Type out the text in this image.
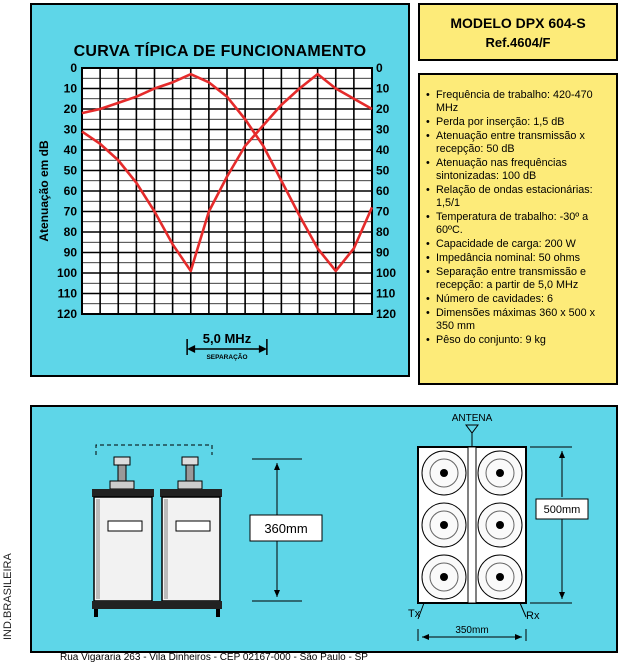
CURVA TÍPICA DE FUNCIONAMENTO
0	0
10	10
20	20
30	30
40	40
50	50
60	60
70	70
80	80
90	90
100	100
110	110
120	120
Atenuação em dB
5,0 MHz
SEPARAÇÃO
MODELO DPX 604-S
Ref.4604/F
• Frequência de trabalho: 420-470 MHz
• Perda por inserção: 1,5 dB
• Atenuação entre transmissão x recepção: 50 dB
• Atenuação nas frequências sintonizadas: 100 dB
• Relação de ondas estacionárias: 1,5/1
• Temperatura de trabalho: -30º a 60ºC.
• Capacidade de carga: 200 W
• Impedância nominal: 50 ohms
• Separação entre transmissão e recepção: a partir de 5,0 MHz
• Número de cavidades: 6
• Dimensões máximas 360 x 500 x 350 mm
• Pêso do conjunto: 9 kg
360mm
ANTENA
Tx	Rx
500mm
350mm
IND.BRASILEIRA
Rua Vigararia 263 - Vila Dinheiros - CEP 02167-000 - São Paulo - SP
